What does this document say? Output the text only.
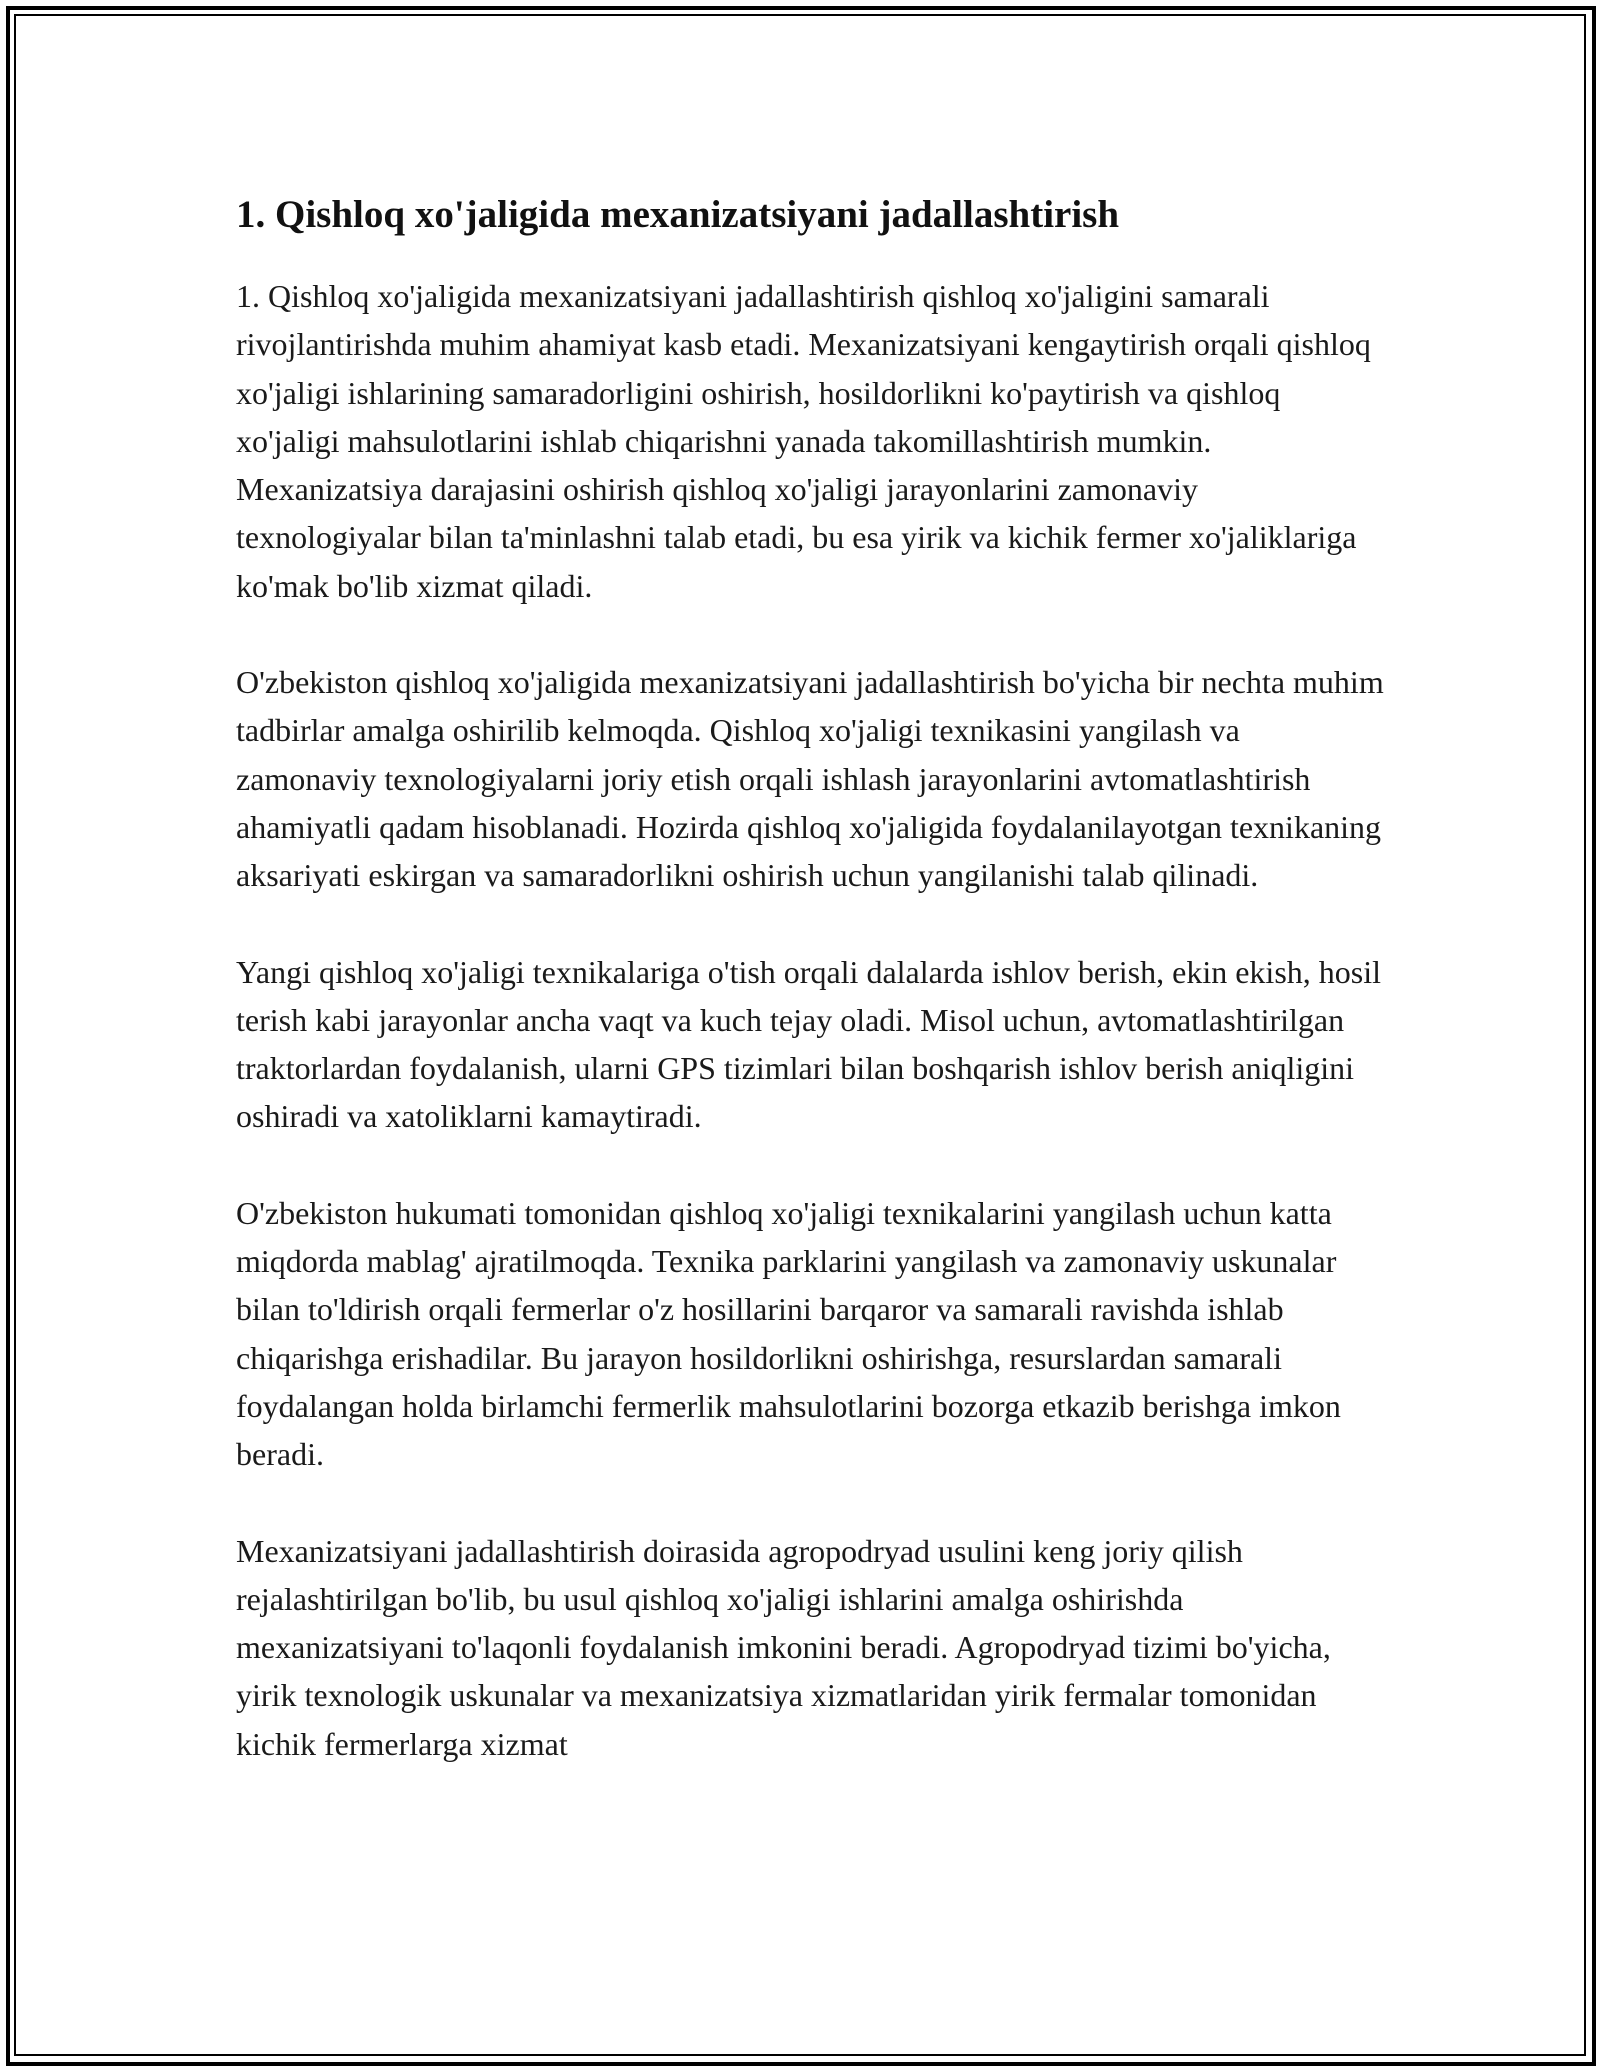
1. Qishloq xo'jaligida mexanizatsiyani jadallashtirish

1. Qishloq xo'jaligida mexanizatsiyani jadallashtirish qishloq xo'jaligini samarali rivojlantirishda muhim ahamiyat kasb etadi. Mexanizatsiyani kengaytirish orqali qishloq xo'jaligi ishlarining samaradorligini oshirish, hosildorlikni ko'paytirish va qishloq xo'jaligi mahsulotlarini ishlab chiqarishni yanada takomillashtirish mumkin. Mexanizatsiya darajasini oshirish qishloq xo'jaligi jarayonlarini zamonaviy texnologiyalar bilan ta'minlashni talab etadi, bu esa yirik va kichik fermer xo'jaliklariga ko'mak bo'lib xizmat qiladi.

O'zbekiston qishloq xo'jaligida mexanizatsiyani jadallashtirish bo'yicha bir nechta muhim tadbirlar amalga oshirilib kelmoqda. Qishloq xo'jaligi texnikasini yangilash va zamonaviy texnologiyalarni joriy etish orqali ishlash jarayonlarini avtomatlashtirish ahamiyatli qadam hisoblanadi. Hozirda qishloq xo'jaligida foydalanilayotgan texnikaning aksariyati eskirgan va samaradorlikni oshirish uchun yangilanishi talab qilinadi.

Yangi qishloq xo'jaligi texnikalariga o'tish orqali dalalarda ishlov berish, ekin ekish, hosil terish kabi jarayonlar ancha vaqt va kuch tejay oladi. Misol uchun, avtomatlashtirilgan traktorlardan foydalanish, ularni GPS tizimlari bilan boshqarish ishlov berish aniqligini oshiradi va xatoliklarni kamaytiradi.

O'zbekiston hukumati tomonidan qishloq xo'jaligi texnikalarini yangilash uchun katta miqdorda mablag' ajratilmoqda. Texnika parklarini yangilash va zamonaviy uskunalar bilan to'ldirish orqali fermerlar o'z hosillarini barqaror va samarali ravishda ishlab chiqarishga erishadilar. Bu jarayon hosildorlikni oshirishga, resurslardan samarali foydalangan holda birlamchi fermerlik mahsulotlarini bozorga etkazib berishga imkon beradi.

Mexanizatsiyani jadallashtirish doirasida agropodryad usulini keng joriy qilish rejalashtirilgan bo'lib, bu usul qishloq xo'jaligi ishlarini amalga oshirishda mexanizatsiyani to'laqonli foydalanish imkonini beradi. Agropodryad tizimi bo'yicha, yirik texnologik uskunalar va mexanizatsiya xizmatlaridan yirik fermalar tomonidan kichik fermerlarga xizmat
